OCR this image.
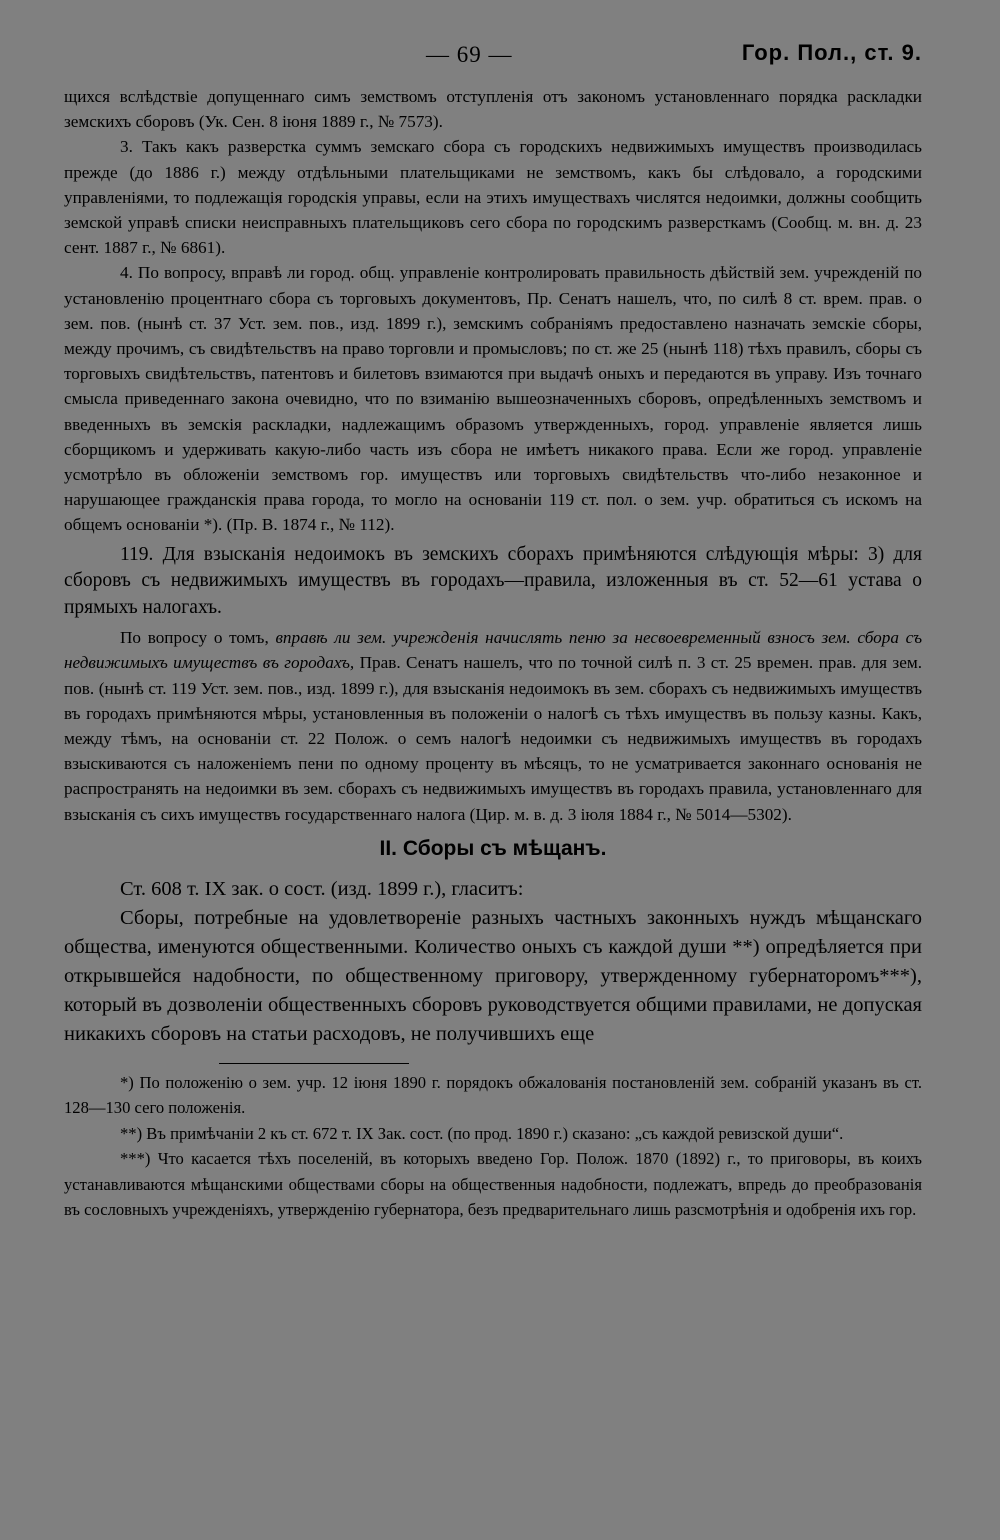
— 69 —	Гор. Пол., ст. 9.

щихся вслѣдствіе допущеннаго симъ земствомъ отступленія отъ закономъ установленнаго порядка раскладки земскихъ сборовъ (Ук. Сен. 8 іюня 1889 г., № 7573).

3. Такъ какъ разверстка суммъ земскаго сбора съ городскихъ недвижимыхъ имуществъ производилась прежде (до 1886 г.) между отдѣльными плательщиками не земствомъ, какъ бы слѣдовало, а городскими управленіями, то подлежащія городскія управы, если на этихъ имуществахъ числятся недоимки, должны сообщить земской управѣ списки неисправныхъ плательщиковъ сего сбора по городскимъ разверсткамъ (Сообщ. м. вн. д. 23 сент. 1887 г., № 6861).

4. По вопросу, вправѣ ли город. общ. управленіе контролировать правильность дѣйствій зем. учрежденій по установленію процентнаго сбора съ торговыхъ документовъ, Пр. Сенатъ нашелъ, что, по силѣ 8 ст. врем. прав. о зем. пов. (нынѣ ст. 37 Уст. зем. пов., изд. 1899 г.), земскимъ собраніямъ предоставлено назначать земскіе сборы, между прочимъ, съ свидѣтельствъ на право торговли и промысловъ; по ст. же 25 (нынѣ 118) тѣхъ правилъ, сборы съ торговыхъ свидѣтельствъ, патентовъ и билетовъ взимаются при выдачѣ оныхъ и передаются въ управу. Изъ точнаго смысла приведеннаго закона очевидно, что по взиманію вышеозначенныхъ сборовъ, опредѣленныхъ земствомъ и введенныхъ въ земскія раскладки, надлежащимъ образомъ утвержденныхъ, город. управленіе является лишь сборщикомъ и удерживать какую-либо часть изъ сбора не имѣетъ никакого права. Если же город. управленіе усмотрѣло въ обложеніи земствомъ гор. имуществъ или торговыхъ свидѣтельствъ что-либо незаконное и нарушающее гражданскія права города, то могло на основаніи 119 ст. пол. о зем. учр. обратиться съ искомъ на общемъ основаніи *). (Пр. В. 1874 г., № 112).

119. Для взысканія недоимокъ въ земскихъ сборахъ примѣняются слѣдующія мѣры: 3) для сборовъ съ недвижимыхъ имуществъ въ городахъ—правила, изложенныя въ ст. 52—61 устава о прямыхъ налогахъ.

По вопросу о томъ, вправѣ ли зем. учрежденія начислять пеню за несвоевременный взносъ зем. сбора съ недвижимыхъ имуществъ въ городахъ, Прав. Сенатъ нашелъ, что по точной силѣ п. 3 ст. 25 времен. прав. для зем. пов. (нынѣ ст. 119 Уст. зем. пов., изд. 1899 г.), для взысканія недоимокъ въ зем. сборахъ съ недвижимыхъ имуществъ въ городахъ примѣняются мѣры, установленныя въ положеніи о налогѣ съ тѣхъ имуществъ въ пользу казны. Какъ, между тѣмъ, на основаніи ст. 22 Полож. о семъ налогѣ недоимки съ недвижимыхъ имуществъ въ городахъ взыскиваются съ наложеніемъ пени по одному проценту въ мѣсяцъ, то не усматривается законнаго основанія не распространять на недоимки въ зем. сборахъ съ недвижимыхъ имуществъ въ городахъ правила, установленнаго для взысканія съ сихъ имуществъ государственнаго налога (Цир. м. в. д. 3 іюля 1884 г., № 5014—5302).

II. Сборы съ мѣщанъ.

Ст. 608 т. IX зак. о сост. (изд. 1899 г.), гласитъ:

Сборы, потребные на удовлетвореніе разныхъ частныхъ законныхъ нуждъ мѣщанскаго общества, именуются общественными. Количество оныхъ съ каждой души **) опредѣляется при открывшейся надобности, по общественному приговору, утвержденному губернаторомъ***), который въ дозволеніи общественныхъ сборовъ руководствуется общими правилами, не допуская никакихъ сборовъ на статьи расходовъ, не получившихъ еще

*) По положенію о зем. учр. 12 іюня 1890 г. порядокъ обжалованія постановленій зем. собраній указанъ въ ст. 128—130 сего положенія.

**) Въ примѣчаніи 2 къ ст. 672 т. IX Зак. сост. (по прод. 1890 г.) сказано: „съ каждой ревизской души“.

***) Что касается тѣхъ поселеній, въ которыхъ введено Гор. Полож. 1870 (1892) г., то приговоры, въ коихъ устанавливаются мѣщанскими обществами сборы на общественныя надобности, подлежатъ, впредь до преобразованія въ сословныхъ учрежденіяхъ, утвержденію губернатора, безъ предварительнаго лишь разсмотрѣнія и одобренія ихъ гор.
